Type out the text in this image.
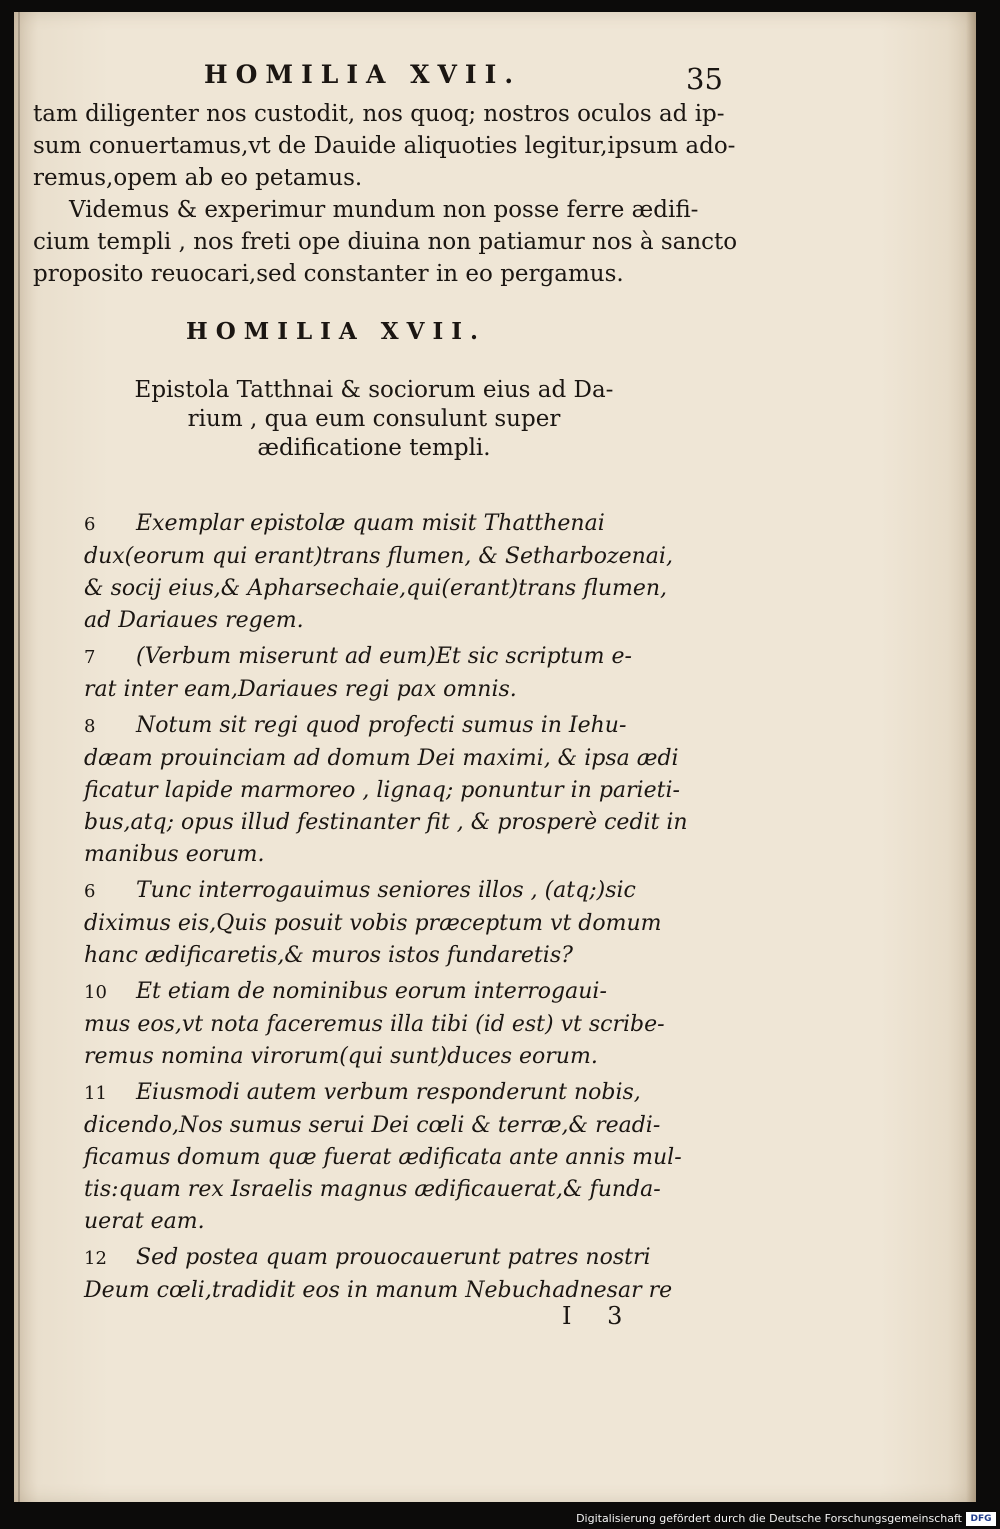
HOMILIA XVII.	35
tam diligenter nos custodit, nos quoq; nostros oculos ad ip-
sum conuertamus,vt de Dauide aliquoties legitur,ipsum ado-
remus,opem ab eo petamus.
Videmus & experimur mundum non posse ferre ædifi-
cium templi , nos freti ope diuina non patiamur nos à sancto
proposito reuocari,sed constanter in eo pergamus.
HOMILIA XVII.
Epistola Tatthnai & sociorum eius ad Da-
rium , qua eum consulunt super
ædificatione templi.
6 Exemplar epistolæ quam misit Thatthenai
dux(eorum qui erant)trans flumen, & Setharbozenai,
& socij eius,& Apharsechaie,qui(erant)trans flumen,
ad Dariaues regem.
7 (Verbum miserunt ad eum)Et sic scriptum e-
rat inter eam,Dariaues regi pax omnis.
8 Notum sit regi quod profecti sumus in Iehu-
dæam prouinciam ad domum Dei maximi, & ipsa ædi
ficatur lapide marmoreo , lignaq; ponuntur in parieti-
bus,atq; opus illud festinanter fit , & prosperè cedit in
manibus eorum.
6 Tunc interrogauimus seniores illos , (atq;)sic
diximus eis,Quis posuit vobis præceptum vt domum
hanc ædificaretis,& muros istos fundaretis?
10 Et etiam de nominibus eorum interrogaui-
mus eos,vt nota faceremus illa tibi (id est) vt scribe-
remus nomina virorum(qui sunt)duces eorum.
11 Eiusmodi autem verbum responderunt nobis,
dicendo,Nos sumus serui Dei cœli & terræ,& readi-
ficamus domum quæ fuerat ædificata ante annis mul-
tis:quam rex Israelis magnus ædificauerat,& funda-
uerat eam.
12 Sed postea quam prouocauerunt patres nostri
Deum cœli,tradidit eos in manum Nebuchadnesar re
I 3
Digitalisierung gefördert durch die Deutsche Forschungsgemeinschaft DFG
